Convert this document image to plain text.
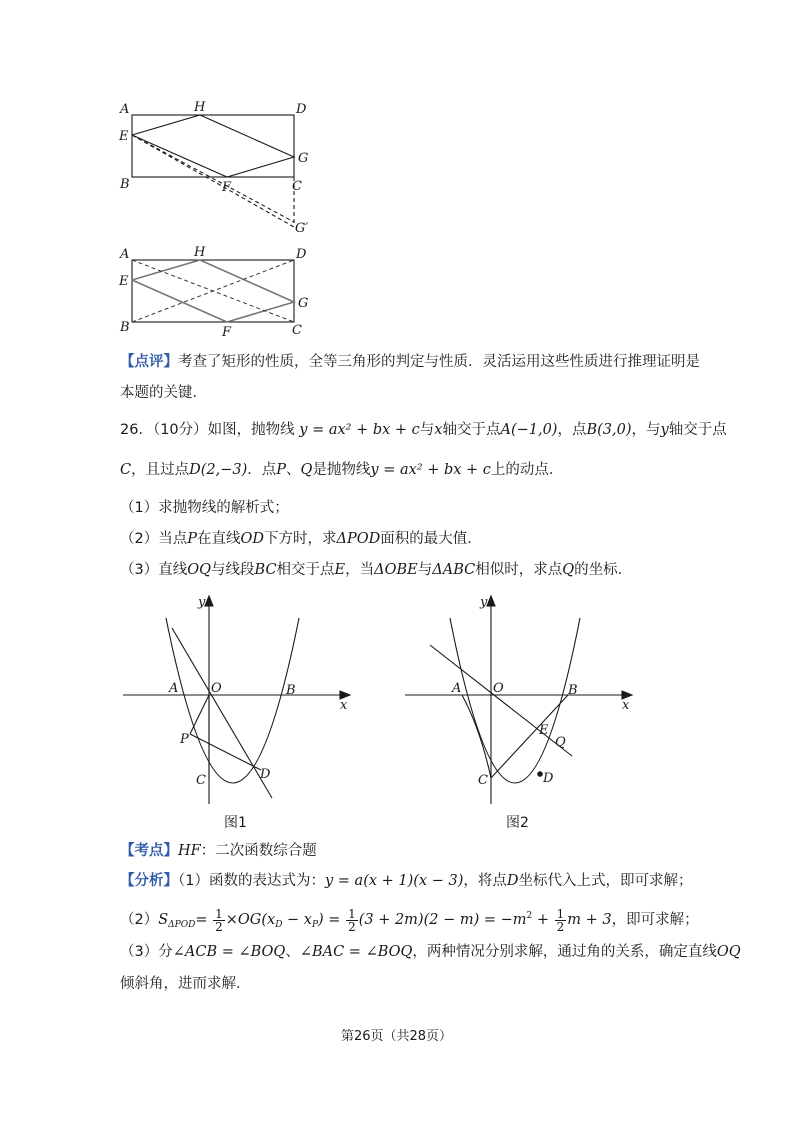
A	H	D
E
G
B	F	C
G′
A	H	D
E
G
B	F	C
【点评】考查了矩形的性质，全等三角形的判定与性质．灵活运用这些性质进行推理证明是
本题的关键．
26．（10分）如图，抛物线 y = ax² + bx + c与x轴交于点A(−1,0)，点B(3,0)，与y轴交于点
C，且过点D(2,−3)．点P、Q是抛物线y = ax² + bx + c上的动点．
（1）求抛物线的解析式；
（2）当点P在直线OD下方时，求ΔPOD面积的最大值．
（3）直线OQ与线段BC相交于点E，当ΔOBE与ΔABC相似时，求点Q的坐标．
y
x
A	O	B
P
C	D
图1
y
x
A O	B
E
Q
C	D
图2
【考点】HF：二次函数综合题
【分析】（1）函数的表达式为：y = a(x + 1)(x − 3)，将点D坐标代入上式，即可求解；
$(2)S_{\Delta POD}= \frac{1}{2} \times OG(x_D - x_P) = \frac{1}{2} (3 + 2m)(2 - m) = -m^2 + \frac{1}{2}$ m + 3，即可求解；
（3）分∠ACB = ∠BOQ、∠BAC = ∠BOQ，两种情况分别求解，通过角的关系，确定直线OQ
倾斜角，进而求解．
第26页（共28页）
